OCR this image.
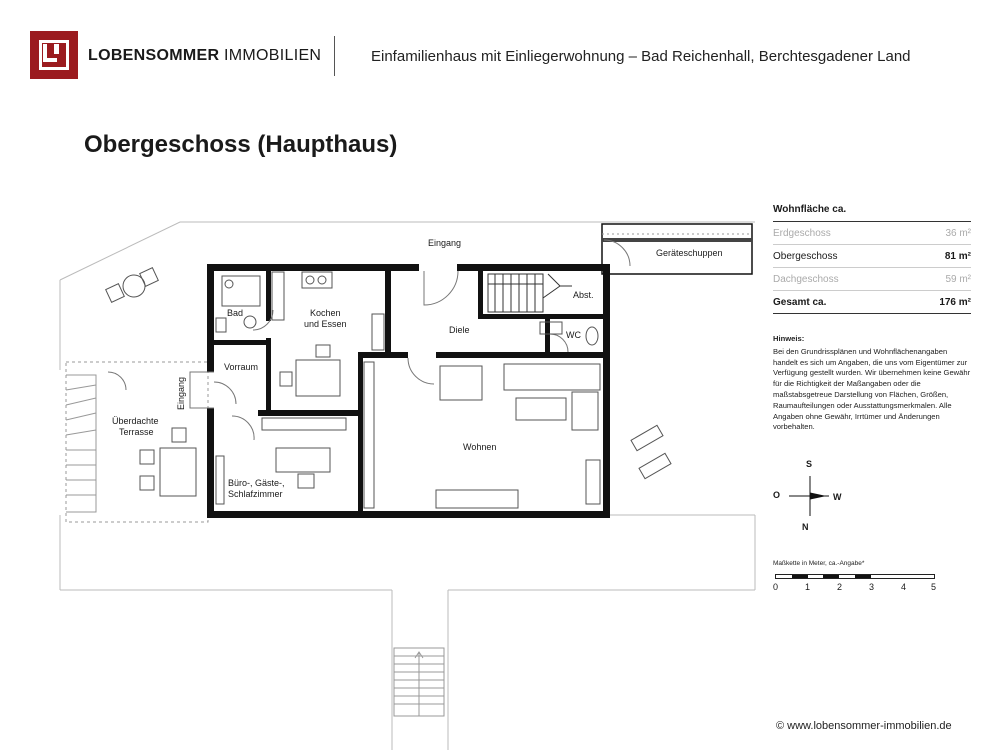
LOBENSOMMER IMMOBILIEN	Einfamilienhaus mit Einliegerwohnung – Bad Reichenhall, Berchtesgadener Land
Obergeschoss (Haupthaus)
Eingang
Geräteschuppen
Abst.
Bad	Kochen
und Essen
Diele	WC
Vorraum
Eingang
Überdachte
Terrasse
Wohnen
Büro-, Gäste-,
Schlafzimmer
Wohnfläche ca.
Erdgeschoss	36 m²
Obergeschoss	81 m²
Dachgeschoss	59 m²
Gesamt ca.	176 m²
Hinweis:
Bei den Grundrissplänen und Wohnflächenangaben handelt es sich um Angaben, die uns vom Eigentümer zur Verfügung gestellt wurden. Wir übernehmen keine Gewähr für die Richtigkeit der Maßangaben oder die maßstabsgetreue Darstellung von Flächen, Größen, Raumaufteilungen oder Ausstattungsmerkmalen. Alle Angaben ohne Gewähr, Irrtümer und Änderungen vorbehalten.
S
O	W
N
Maßkette in Meter, ca.-Angabe*
0	1	2	3	4	5
© www.lobensommer-immobilien.de
